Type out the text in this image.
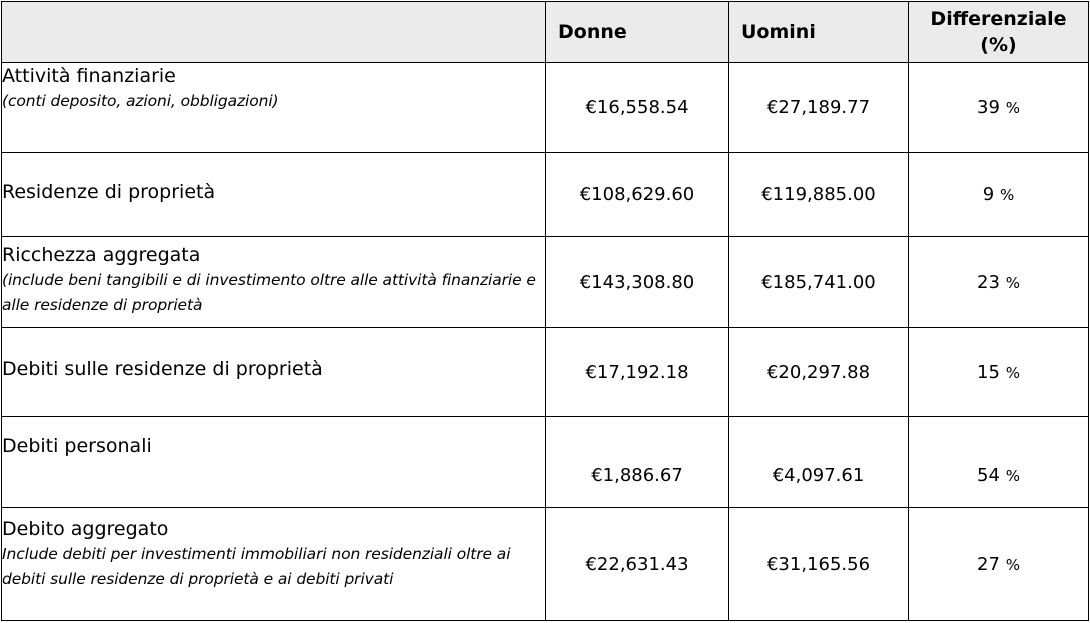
	Donne	Uomini	Differenziale
(%)

Attività finanziarie
(conti deposito, azioni, obbligazioni)	€16,558.54	€27,189.77	39 %

Residenze di proprietà	€108,629.60	€119,885.00	9 %

Ricchezza aggregata
(include beni tangibili e di investimento oltre alle attività finanziarie e alle residenze di proprietà	€143,308.80	€185,741.00	23 %

Debiti sulle residenze di proprietà	€17,192.18	€20,297.88	15 %

Debiti personali	€1,886.67	€4,097.61	54 %

Debito aggregato
Include debiti per investimenti immobiliari non residenziali oltre ai debiti sulle residenze di proprietà e ai debiti privati	€22,631.43	€31,165.56	27 %
